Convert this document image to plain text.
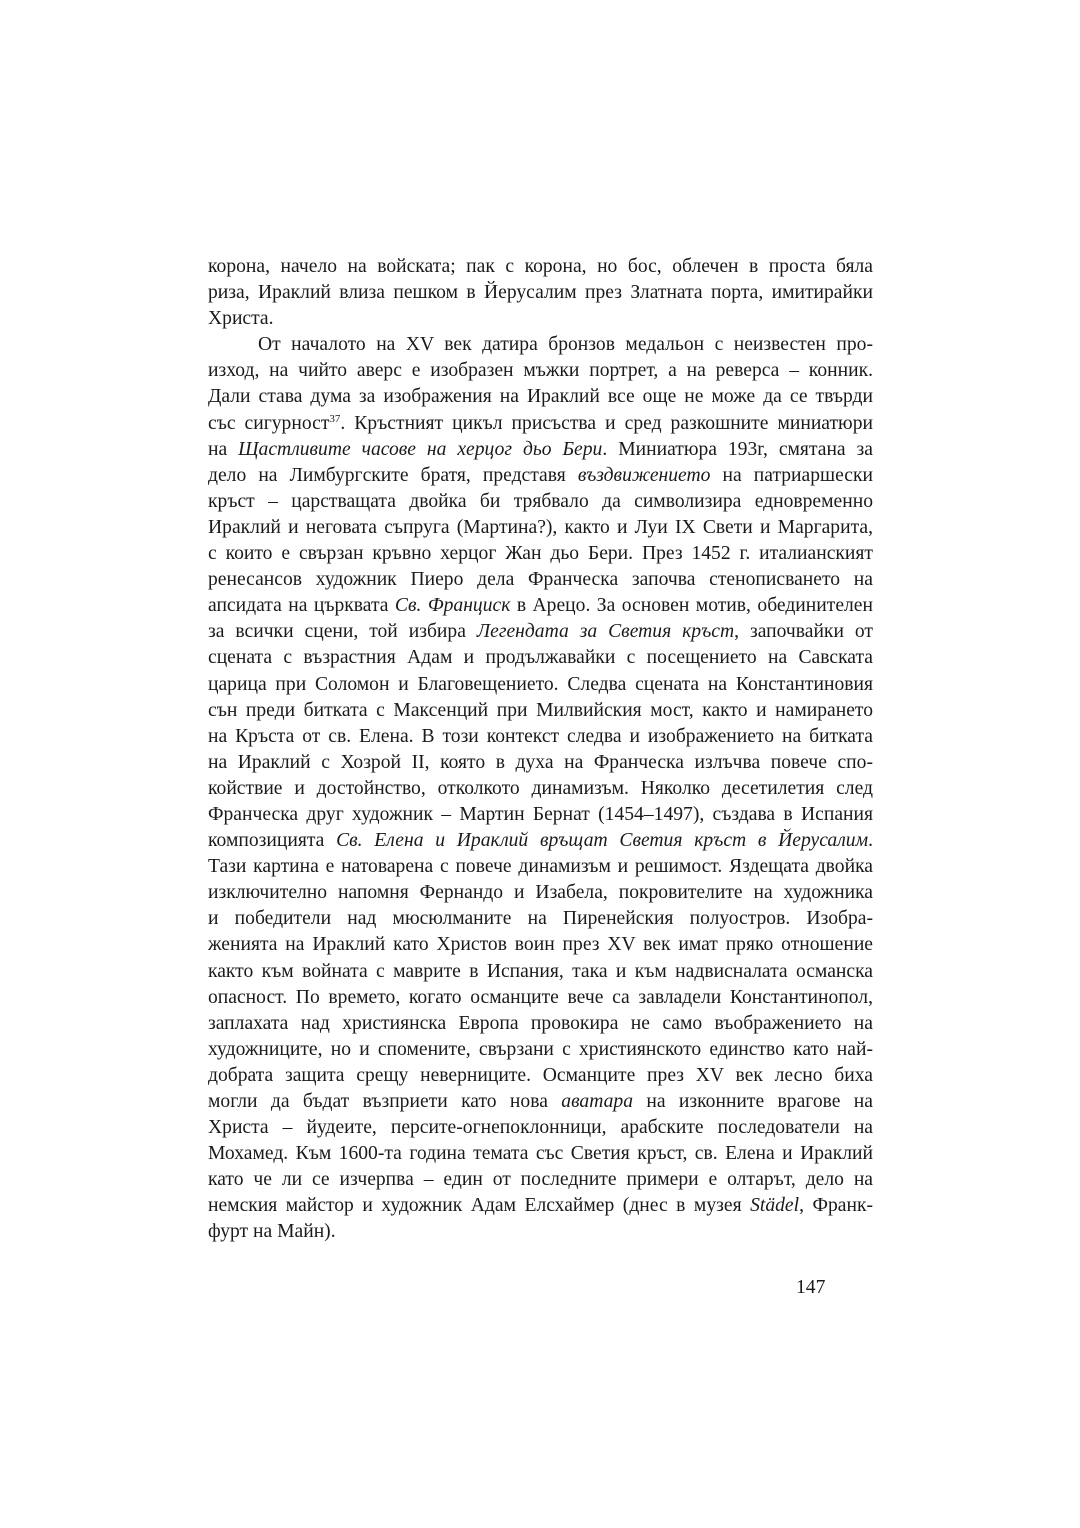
корона, начело на войската; пак с корона, но бос, облечен в проста бяла
риза, Ираклий влиза пешком в Йерусалим през Златната порта, имитирайки
Христа.

От началото на XV век датира бронзов медальон с неизвестен про-
изход, на чийто аверс е изобразен мъжки портрет, а на реверса – конник.
Дали става дума за изображения на Ираклий все още не може да се твърди
със сигурност$^{37}$. Кръстният цикъл присъства и сред разкошните миниатюри
на Щастливите часове на херцог дьо Бери. Миниатюра 193r, смятана за
дело на Лимбургските братя, представя въздвижението на патриаршески
кръст – царстващата двойка би трябвало да символизира едновременно
Ираклий и неговата съпруга (Мартина?), както и Луи IX Свети и Маргарита,
с които е свързан кръвно херцог Жан дьо Бери. През 1452 г. италианският
ренесансов художник Пиеро дела Франческа започва стенописването на
апсидата на църквата Св. Франциск в Арецо. За основен мотив, обединителен
за всички сцени, той избира Легендата за Светия кръст, започвайки от
сцената с възрастния Адам и продължавайки с посещението на Савската
царица при Соломон и Благовещението. Следва сцената на Константиновия
сън преди битката с Максенций при Милвийския мост, както и намирането
на Кръста от св. Елена. В този контекст следва и изображението на битката
на Ираклий с Хозрой II, която в духа на Франческа излъчва повече спо-
койствие и достойнство, отколкото динамизъм. Няколко десетилетия след
Франческа друг художник – Мартин Бернат (1454–1497), създава в Испания
композицията Св. Елена и Ираклий връщат Светия кръст в Йерусалим.
Тази картина е натоварена с повече динамизъм и решимост. Яздещата двойка
изключително напомня Фернандо и Изабела, покровителите на художника
и победители над мюсюлманите на Пиренейския полуостров. Изобра-
женията на Ираклий като Христов воин през XV век имат пряко отношение
както към войната с маврите в Испания, така и към надвисналата османска
опасност. По времето, когато османците вече са завладели Константинопол,
заплахата над християнска Европа провокира не само въображението на
художниците, но и спомените, свързани с християнското единство като най-
добрата защита срещу неверниците. Османците през XV век лесно биха
могли да бъдат възприети като нова аватара на изконните врагове на
Христа – йудеите, персите-огнепоклонници, арабските последователи на
Мохамед. Към 1600-та година темата със Светия кръст, св. Елена и Ираклий
като че ли се изчерпва – един от последните примери е олтарът, дело на
немския майстор и художник Адам Елсхаймер (днес в музея Städel, Франк-
фурт на Майн).

147
